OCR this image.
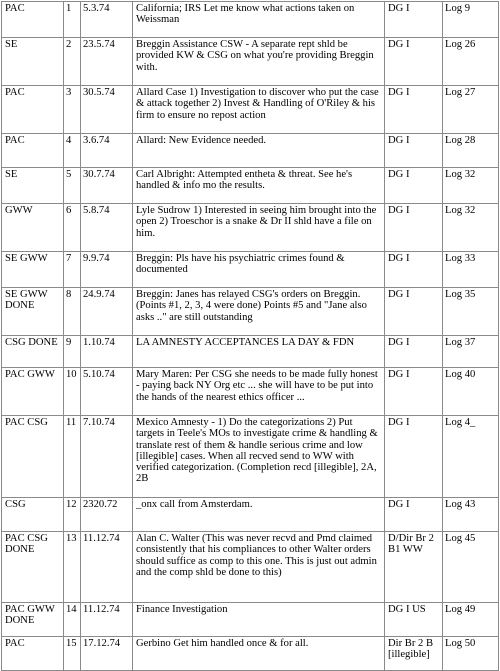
PAC	1	5.3.74	California; IRS Let me know what actions taken on Weissman	DG I	Log 9
SE	2	23.5.74	Breggin Assistance CSW - A separate rept shld be provided KW & CSG on what you're providing Breggin with.	DG I	Log 26
PAC	3	30.5.74	Allard Case 1) Investigation to discover who put the case & attack together 2) Invest & Handling of O'Riley & his firm to ensure no repost action	DG I	Log 27
PAC	4	3.6.74	Allard: New Evidence needed.	DG I	Log 28
SE	5	30.7.74	Carl Albright: Attempted entheta & threat. See he's handled & info mo the results.	DG I	Log 32
GWW	6	5.8.74	Lyle Sudrow 1) Interested in seeing him brought into the open 2) Troeschor is a snake & Dr II shld have a file on him.	DG I	Log 32
SE GWW	7	9.9.74	Breggin: Pls have his psychiatric crimes found & documented	DG I	Log 33
SE GWW DONE	8	24.9.74	Breggin: Janes has relayed CSG's orders on Breggin. (Points #1, 2, 3, 4 were done) Points #5 and "Jane also asks .." are still outstanding	DG I	Log 35
CSG DONE	9	1.10.74	LA AMNESTY ACCEPTANCES LA DAY & FDN	DG I	Log 37
PAC GWW	10	5.10.74	Mary Maren: Per CSG she needs to be made fully honest - paying back NY Org etc ... she will have to be put into the hands of the nearest ethics officer ...	DG I	Log 40
PAC CSG	11	7.10.74	Mexico Amnesty - 1) Do the categorizations 2) Put targets in Teele's MOs to investigate crime & handling & translate rest of them & handle serious crime and low [illegible] cases. When all recved send to WW with verified categorization. (Completion recd [illegible], 2A, 2B	DG I	Log 4_
CSG	12	2320.72	_onx call from Amsterdam.	DG I	Log 43
PAC CSG DONE	13	11.12.74	Alan C. Walter (This was never recvd and Pmd claimed consistently that his compliances to other Walter orders should suffice as comp to this one. This is just out admin and the comp shld be done to this)	D/Dir Br 2 B1 WW	Log 45
PAC GWW DONE	14	11.12.74	Finance Investigation	DG I US	Log 49
PAC	15	17.12.74	Gerbino Get him handled once & for all.	Dir Br 2 B [illegible]	Log 50
